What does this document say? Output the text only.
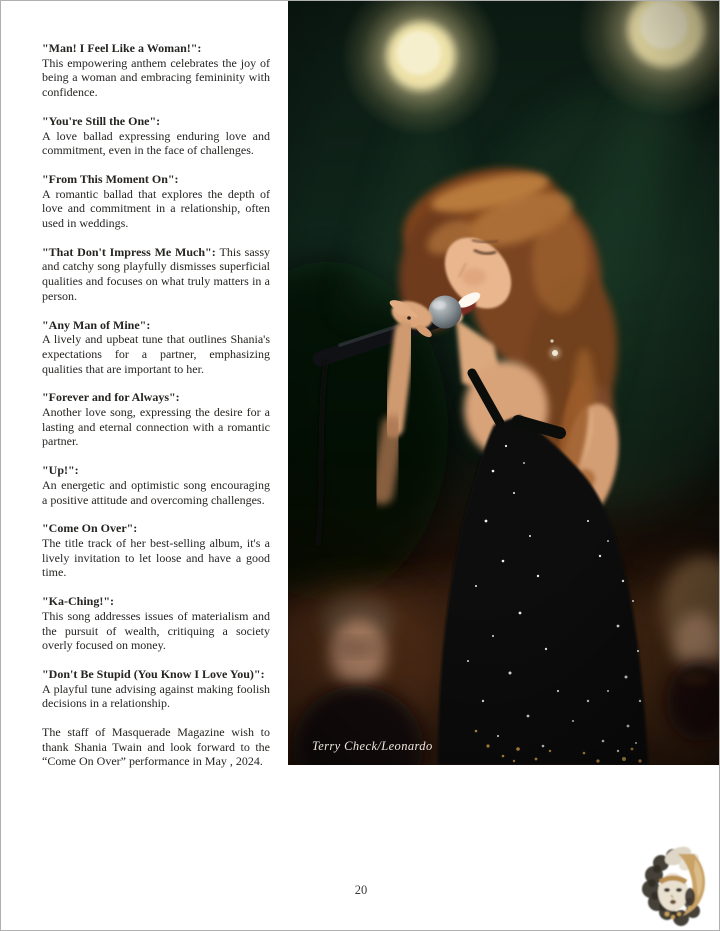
"Man! I Feel Like a Woman!":
This empowering anthem celebrates the joy of being a woman and embracing femininity with confidence.

"You're Still the One":
A love ballad expressing enduring love and commitment, even in the face of challenges.

"From This Moment On":
A romantic ballad that explores the depth of love and commitment in a relationship, often used in weddings.

"That Don't Impress Me Much": This sassy and catchy song playfully dismisses superficial qualities and focuses on what truly matters in a person.

"Any Man of Mine":
A lively and upbeat tune that outlines Shania's expectations for a partner, emphasizing qualities that are important to her.

"Forever and for Always":
Another love song, expressing the desire for a lasting and eternal connection with a romantic partner.

"Up!":
An energetic and optimistic song encouraging a positive attitude and overcoming challenges.

"Come On Over":
The title track of her best-selling album, it's a lively invitation to let loose and have a good time.

"Ka-Ching!":
This song addresses issues of materialism and the pursuit of wealth, critiquing a society overly focused on money.

"Don't Be Stupid (You Know I Love You)":
A playful tune advising against making foolish decisions in a relationship.

The staff of Masquerade Magazine wish to thank Shania Twain and look forward to the “Come On Over” performance in May , 2024.

Terry Check/Leonardo
20
